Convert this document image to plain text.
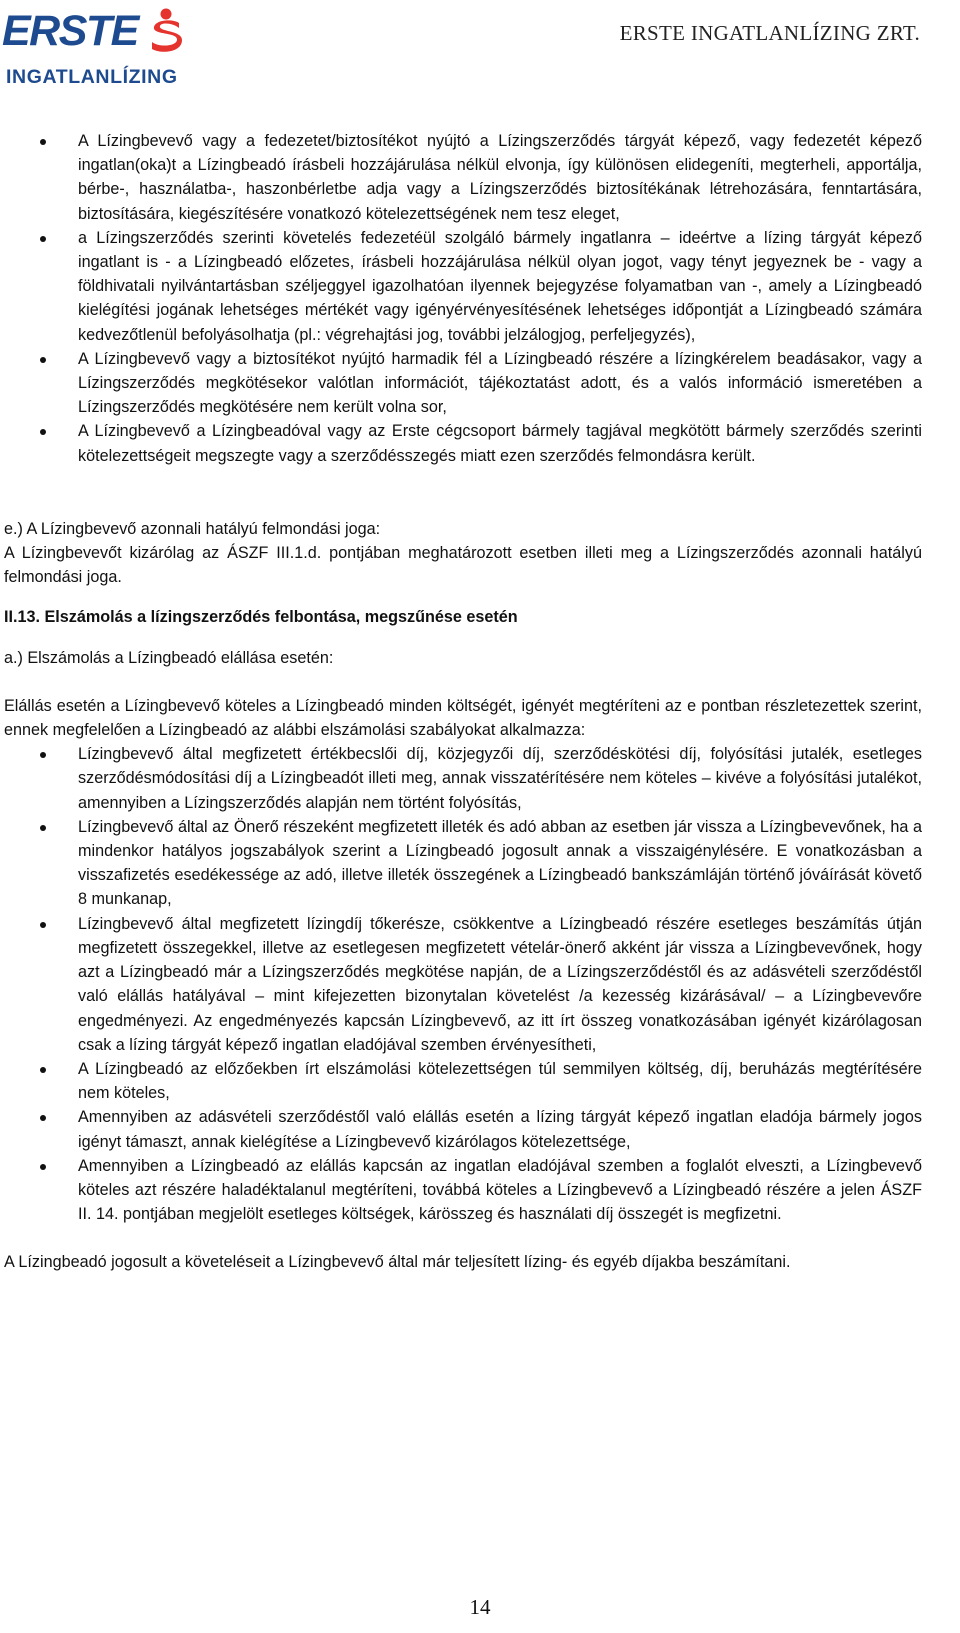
ERSTE
INGATLANLÍZING
ERSTE INGATLANLÍZING ZRT.
A Lízingbevevő vagy a fedezetet/biztosítékot nyújtó a Lízingszerződés tárgyát képező, vagy fedezetét képező ingatlan(oka)t a Lízingbeadó írásbeli hozzájárulása nélkül elvonja, így különösen elidegeníti, megterheli, apportálja, bérbe-, használatba-, haszonbérletbe adja vagy a Lízingszerződés biztosítékának létrehozására, fenntartására, biztosítására, kiegészítésére vonatkozó kötelezettségének nem tesz eleget,
a Lízingszerződés szerinti követelés fedezetéül szolgáló bármely ingatlanra – ideértve a lízing tárgyát képező ingatlant is - a Lízingbeadó előzetes, írásbeli hozzájárulása nélkül olyan jogot, vagy tényt jegyeznek be - vagy a földhivatali nyilvántartásban széljeggyel igazolhatóan ilyennek bejegyzése folyamatban van -, amely a Lízingbeadó kielégítési jogának lehetséges mértékét vagy igényérvényesítésének lehetséges időpontját a Lízingbeadó számára kedvezőtlenül befolyásolhatja (pl.: végrehajtási jog, további jelzálogjog, perfeljegyzés),
A Lízingbevevő vagy a biztosítékot nyújtó harmadik fél a Lízingbeadó részére a lízingkérelem beadásakor, vagy a Lízingszerződés megkötésekor valótlan információt, tájékoztatást adott, és a valós információ ismeretében a Lízingszerződés megkötésére nem került volna sor,
A Lízingbevevő a Lízingbeadóval vagy az Erste cégcsoport bármely tagjával megkötött bármely szerződés szerinti kötelezettségeit megszegte vagy a szerződésszegés miatt ezen szerződés felmondásra került.

e.) A Lízingbevevő azonnali hatályú felmondási joga:

A Lízingbevevőt kizárólag az ÁSZF III.1.d. pontjában meghatározott esetben illeti meg a Lízingszerződés azonnali hatályú felmondási joga.

II.13. Elszámolás a lízingszerződés felbontása, megszűnése esetén

a.) Elszámolás a Lízingbeadó elállása esetén:

Elállás esetén a Lízingbevevő köteles a Lízingbeadó minden költségét, igényét megtéríteni az e pontban részletezettek szerint, ennek megfelelően a Lízingbeadó az alábbi elszámolási szabályokat alkalmazza:

Lízingbevevő által megfizetett értékbecslői díj, közjegyzői díj, szerződéskötési díj, folyósítási jutalék, esetleges szerződésmódosítási díj a Lízingbeadót illeti meg, annak visszatérítésére nem köteles – kivéve a folyósítási jutalékot, amennyiben a Lízingszerződés alapján nem történt folyósítás,
Lízingbevevő által az Önerő részeként megfizetett illeték és adó abban az esetben jár vissza a Lízingbevevőnek, ha a mindenkor hatályos jogszabályok szerint a Lízingbeadó jogosult annak a visszaigénylésére. E vonatkozásban a visszafizetés esedékessége az adó, illetve illeték összegének a Lízingbeadó bankszámláján történő jóváírását követő 8 munkanap,
Lízingbevevő által megfizetett lízingdíj tőkerésze, csökkentve a Lízingbeadó részére esetleges beszámítás útján megfizetett összegekkel, illetve az esetlegesen megfizetett vételár-önerő akként jár vissza a Lízingbevevőnek, hogy azt a Lízingbeadó már a Lízingszerződés megkötése napján, de a Lízingszerződéstől és az adásvételi szerződéstől való elállás hatályával – mint kifejezetten bizonytalan követelést /a kezesség kizárásával/ – a Lízingbevevőre engedményezi. Az engedményezés kapcsán Lízingbevevő, az itt írt összeg vonatkozásában igényét kizárólagosan csak a lízing tárgyát képező ingatlan eladójával szemben érvényesítheti,
A Lízingbeadó az előzőekben írt elszámolási kötelezettségen túl semmilyen költség, díj, beruházás megtérítésére nem köteles,
Amennyiben az adásvételi szerződéstől való elállás esetén a lízing tárgyát képező ingatlan eladója bármely jogos igényt támaszt, annak kielégítése a Lízingbevevő kizárólagos kötelezettsége,
Amennyiben a Lízingbeadó az elállás kapcsán az ingatlan eladójával szemben a foglalót elveszti, a Lízingbevevő köteles azt részére haladéktalanul megtéríteni, továbbá köteles a Lízingbevevő a Lízingbeadó részére a jelen ÁSZF II. 14. pontjában megjelölt esetleges költségek, kárösszeg és használati díj összegét is megfizetni.

A Lízingbeadó jogosult a követeléseit a Lízingbevevő által már teljesített lízing- és egyéb díjakba beszámítani.

14
